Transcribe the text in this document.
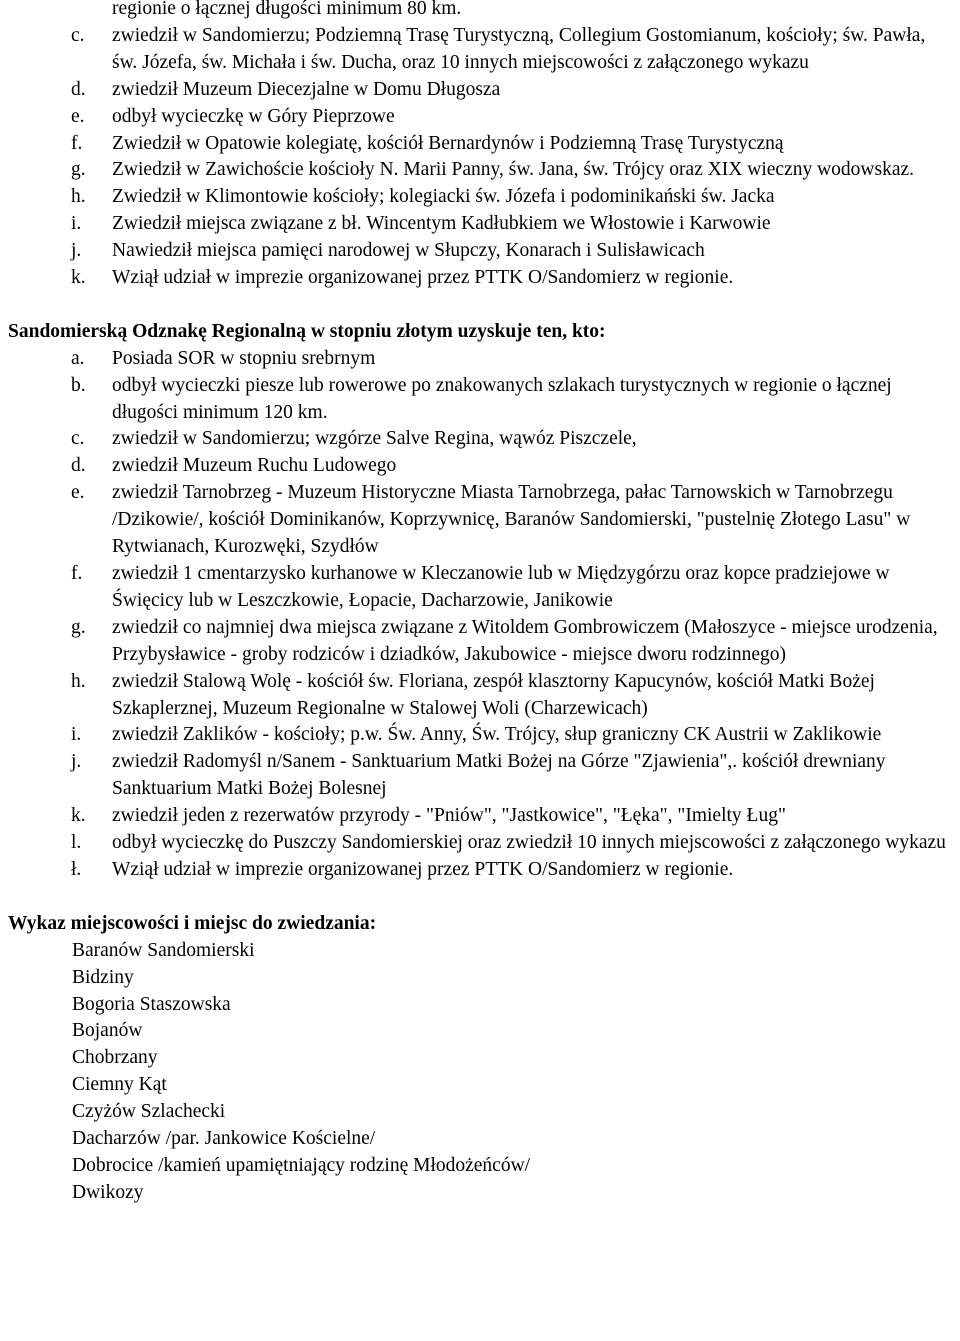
regionie o łącznej długości minimum 80 km.
c. zwiedził w Sandomierzu; Podziemną Trasę Turystyczną, Collegium Gostomianum, kościoły; św. Pawła, św. Józefa, św. Michała i św. Ducha, oraz 10 innych miejscowości z załączonego wykazu
d. zwiedził Muzeum Diecezjalne w Domu Długosza
e. odbył wycieczkę w Góry Pieprzowe
f. Zwiedził w Opatowie kolegiatę, kościół Bernardynów i Podziemną Trasę Turystyczną
g. Zwiedził w Zawichoście kościoły N. Marii Panny, św. Jana, św. Trójcy oraz XIX wieczny wodowskaz.
h. Zwiedził w Klimontowie kościoły; kolegiacki św. Józefa i podominikański św. Jacka
i. Zwiedził miejsca związane z bł. Wincentym Kadłubkiem we Włostowie i Karwowie
j. Nawiedził miejsca pamięci narodowej w Słupczy, Konarach i Sulisławicach
k. Wziął udział w imprezie organizowanej przez PTTK O/Sandomierz w regionie.
Sandomierską Odznakę Regionalną w stopniu złotym uzyskuje ten, kto:
a. Posiada SOR w stopniu srebrnym
b. odbył wycieczki piesze lub rowerowe po znakowanych szlakach turystycznych w regionie o łącznej długości minimum 120 km.
c. zwiedził w Sandomierzu; wzgórze Salve Regina, wąwóz Piszczele,
d. zwiedził Muzeum Ruchu Ludowego
e. zwiedził Tarnobrzeg - Muzeum Historyczne Miasta Tarnobrzega, pałac Tarnowskich w Tarnobrzegu /Dzikowie/, kościół Dominikanów, Koprzywnicę, Baranów Sandomierski, "pustelnię Złotego Lasu" w Rytwianach, Kurozwęki, Szydłów
f. zwiedził 1 cmentarzysko kurhanowe w Kleczanowie lub w Międzygórzu oraz kopce pradziejowe w Święcicy lub w Leszczkowie, Łopacie, Dacharzowie, Janikowie
g. zwiedził co najmniej dwa miejsca związane z Witoldem Gombrowiczem (Małoszyce - miejsce urodzenia, Przybysławice - groby rodziców i dziadków, Jakubowice - miejsce dworu rodzinnego)
h. zwiedził Stalową Wolę - kościół św. Floriana, zespół klasztorny Kapucynów, kościół Matki Bożej Szkaplerznej, Muzeum Regionalne w Stalowej Woli (Charzewicach)
i. zwiedził Zaklików - kościoły; p.w. Św. Anny, Św. Trójcy, słup graniczny CK Austrii w Zaklikowie
j. zwiedził Radomyśl n/Sanem - Sanktuarium Matki Bożej na Górze "Zjawienia",. kościół drewniany Sanktuarium Matki Bożej Bolesnej
k. zwiedził jeden z rezerwatów przyrody - "Pniów", "Jastkowice", "Łęka", "Imielty Ług"
l. odbył wycieczkę do Puszczy Sandomierskiej oraz zwiedził 10 innych miejscowości z załączonego wykazu
ł. Wziął udział w imprezie organizowanej przez PTTK O/Sandomierz w regionie.
Wykaz miejscowości i miejsc do zwiedzania:
Baranów Sandomierski
Bidziny
Bogoria Staszowska
Bojanów
Chobrzany
Ciemny Kąt
Czyżów Szlachecki
Dacharzów /par. Jankowice Kościelne/
Dobrocice /kamień upamiętniający rodzinę Młodożeńców/
Dwikozy
